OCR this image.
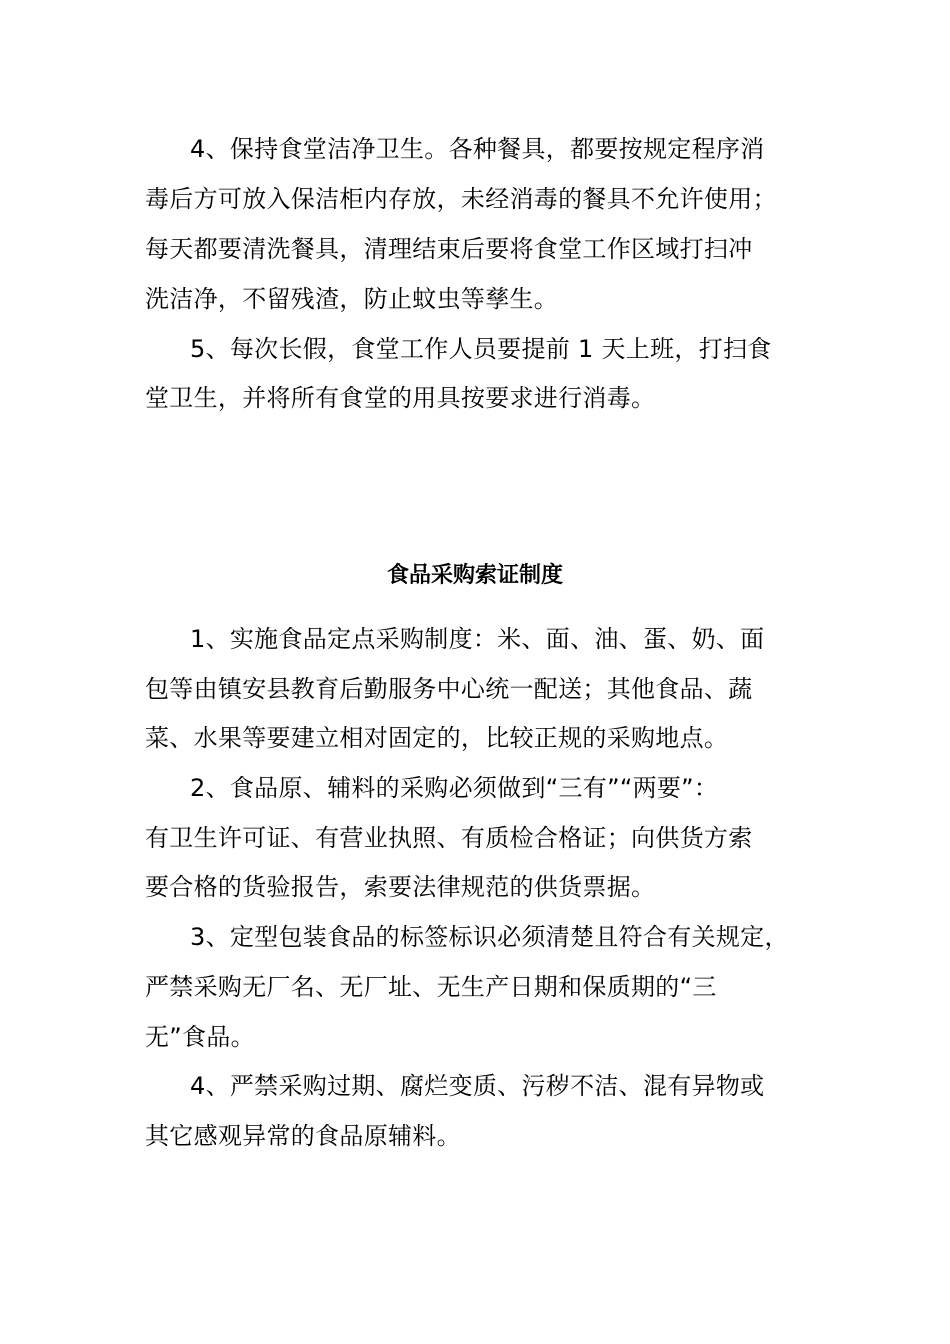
4、保持食堂洁净卫生。各种餐具，都要按规定程序消
毒后方可放入保洁柜内存放，未经消毒的餐具不允许使用；
每天都要清洗餐具，清理结束后要将食堂工作区域打扫冲
洗洁净，不留残渣，防止蚊虫等孳生。
5、每次长假，食堂工作人员要提前 1 天上班，打扫食
堂卫生，并将所有食堂的用具按要求进行消毒。
食品采购索证制度
1、实施食品定点采购制度：米、面、油、蛋、奶、面
包等由镇安县教育后勤服务中心统一配送；其他食品、蔬
菜、水果等要建立相对固定的，比较正规的采购地点。
2、食品原、辅料的采购必须做到“三有”“两要”：
有卫生许可证、有营业执照、有质检合格证；向供货方索
要合格的货验报告，索要法律规范的供货票据。
3、定型包装食品的标签标识必须清楚且符合有关规定，
严禁采购无厂名、无厂址、无生产日期和保质期的“三
无”食品。
4、严禁采购过期、腐烂变质、污秽不洁、混有异物或
其它感观异常的食品原辅料。
